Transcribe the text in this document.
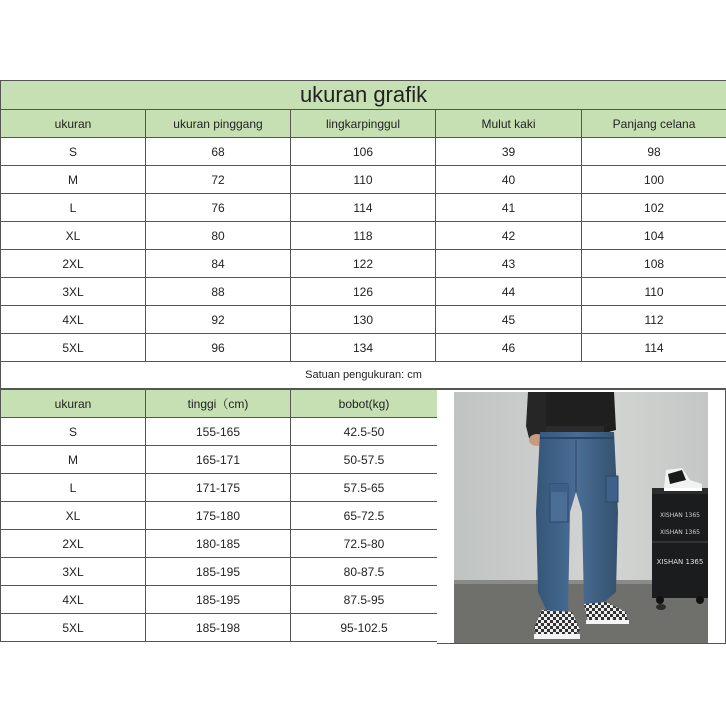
ukuran grafik				
ukuran	ukuran pinggang	lingkarpinggul	Mulut kaki	Panjang celana
S	68	106	39	98
M	72	110	40	100
L	76	114	41	102
XL	80	118	42	104
2XL	84	122	43	108
3XL	88	126	44	110
4XL	92	130	45	112
5XL	96	134	46	114
Satuan pengukuran: cm				
ukuran	tinggi（cm)	bobot(kg)
S	155-165	42.5-50
M	165-171	50-57.5
L	171-175	57.5-65
XL	175-180	65-72.5
2XL	180-185	72.5-80
3XL	185-195	80-87.5
4XL	185-195	87.5-95
5XL	185-198	95-102.5
XISHAN 1365
XISHAN 1365
XISHAN 1365
